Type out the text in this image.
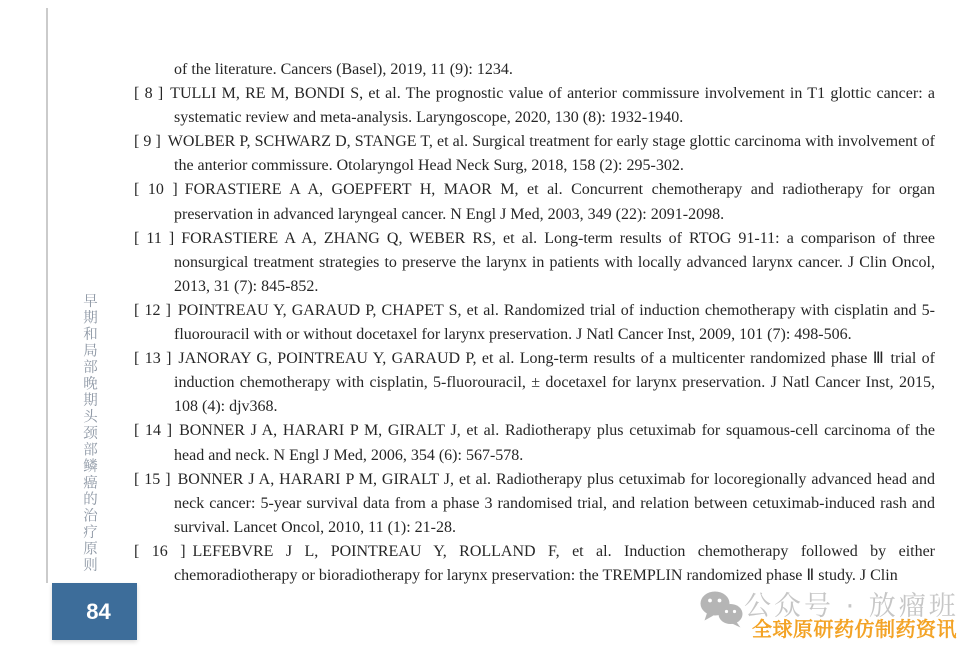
早期和局部晚期头颈部鳞癌的治疗原则
84
of the literature. Cancers (Basel), 2019, 11 (9): 1234.
[ 8 ] TULLI M, RE M, BONDI S, et al. The prognostic value of anterior commissure involvement in T1 glottic cancer: a systematic review and meta-analysis. Laryngoscope, 2020, 130 (8): 1932-1940.
[ 9 ] WOLBER P, SCHWARZ D, STANGE T, et al. Surgical treatment for early stage glottic carcinoma with involvement of the anterior commissure. Otolaryngol Head Neck Surg, 2018, 158 (2): 295-302.
[ 10 ] FORASTIERE A A, GOEPFERT H, MAOR M, et al. Concurrent chemotherapy and radiotherapy for organ preservation in advanced laryngeal cancer. N Engl J Med, 2003, 349 (22): 2091-2098.
[ 11 ] FORASTIERE A A, ZHANG Q, WEBER RS, et al. Long-term results of RTOG 91-11: a comparison of three nonsurgical treatment strategies to preserve the larynx in patients with locally advanced larynx cancer. J Clin Oncol, 2013, 31 (7): 845-852.
[ 12 ] POINTREAU Y, GARAUD P, CHAPET S, et al. Randomized trial of induction chemotherapy with cisplatin and 5-fluorouracil with or without docetaxel for larynx preservation. J Natl Cancer Inst, 2009, 101 (7): 498-506.
[ 13 ] JANORAY G, POINTREAU Y, GARAUD P, et al. Long-term results of a multicenter randomized phase Ⅲ trial of induction chemotherapy with cisplatin, 5-fluorouracil, ± docetaxel for larynx preservation. J Natl Cancer Inst, 2015, 108 (4): djv368.
[ 14 ] BONNER J A, HARARI P M, GIRALT J, et al. Radiotherapy plus cetuximab for squamous-cell carcinoma of the head and neck. N Engl J Med, 2006, 354 (6): 567-578.
[ 15 ] BONNER J A, HARARI P M, GIRALT J, et al. Radiotherapy plus cetuximab for locoregionally advanced head and neck cancer: 5-year survival data from a phase 3 randomised trial, and relation between cetuximab-induced rash and survival. Lancet Oncol, 2010, 11 (1): 21-28.
[ 16 ] LEFEBVRE J L, POINTREAU Y, ROLLAND F, et al. Induction chemotherapy followed by either chemoradiotherapy or bioradiotherapy for larynx preservation: the TREMPLIN randomized phase Ⅱ study. J Clin
公众号 · 放瘤班
全球原研药仿制药资讯
